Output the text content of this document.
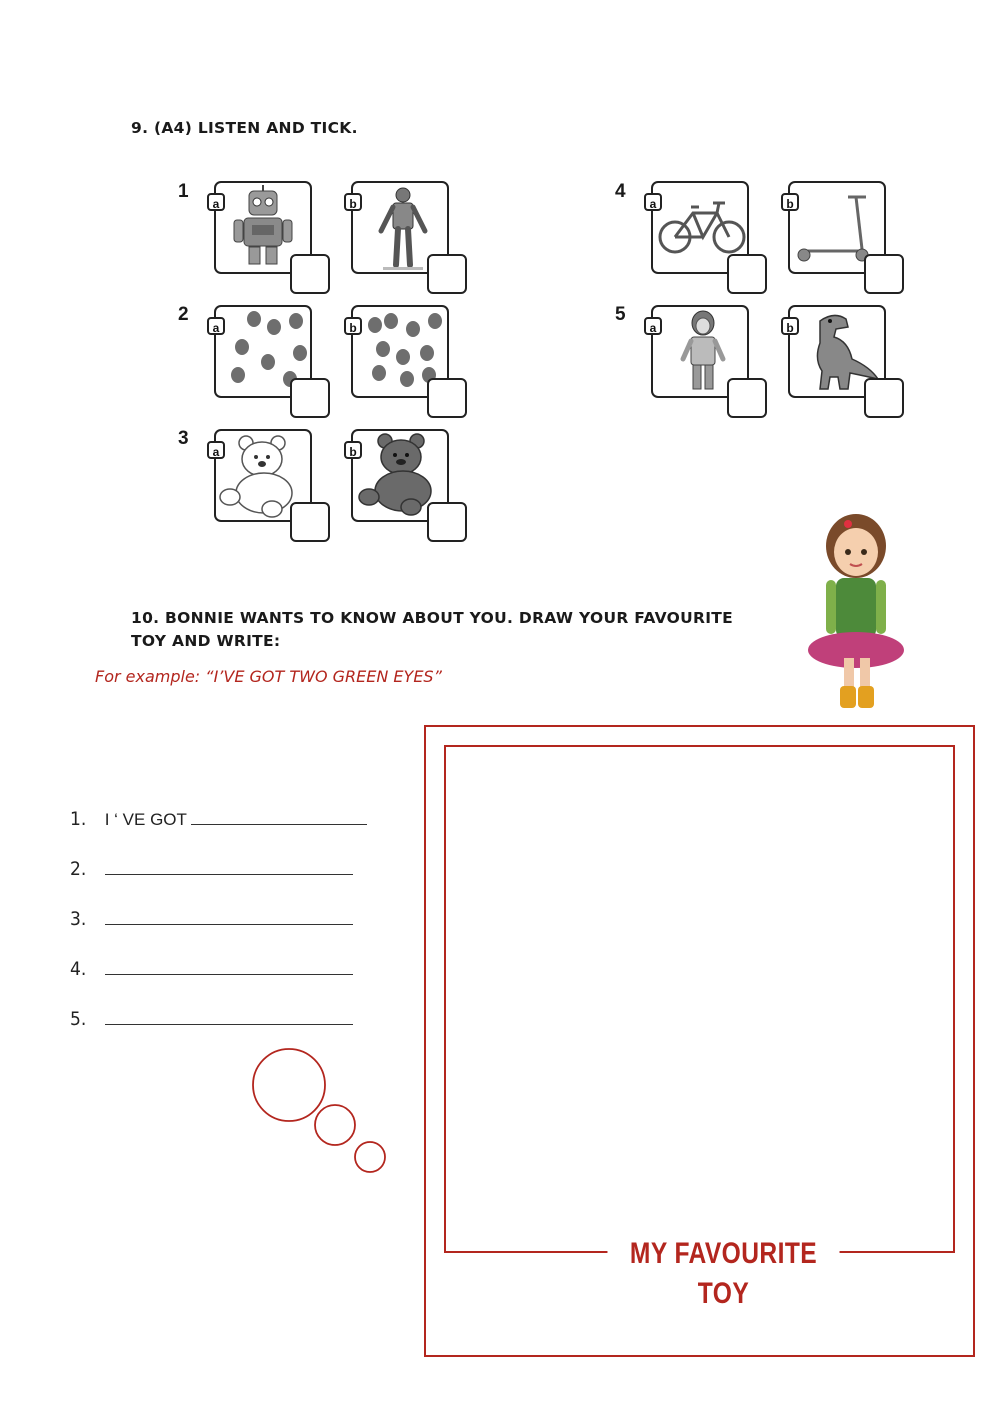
9. (A4) LISTEN AND TICK.
1
2
3
4
5
a	b
a	b
a	b
a	b
a	b
10. BONNIE WANTS TO KNOW ABOUT YOU. DRAW YOUR FAVOURITE
TOY AND WRITE:
For example: “I’VE GOT TWO GREEN EYES”
1. I ‘ VE GOT
2.
3.
4.
5.
MY FAVOURITE TOY
